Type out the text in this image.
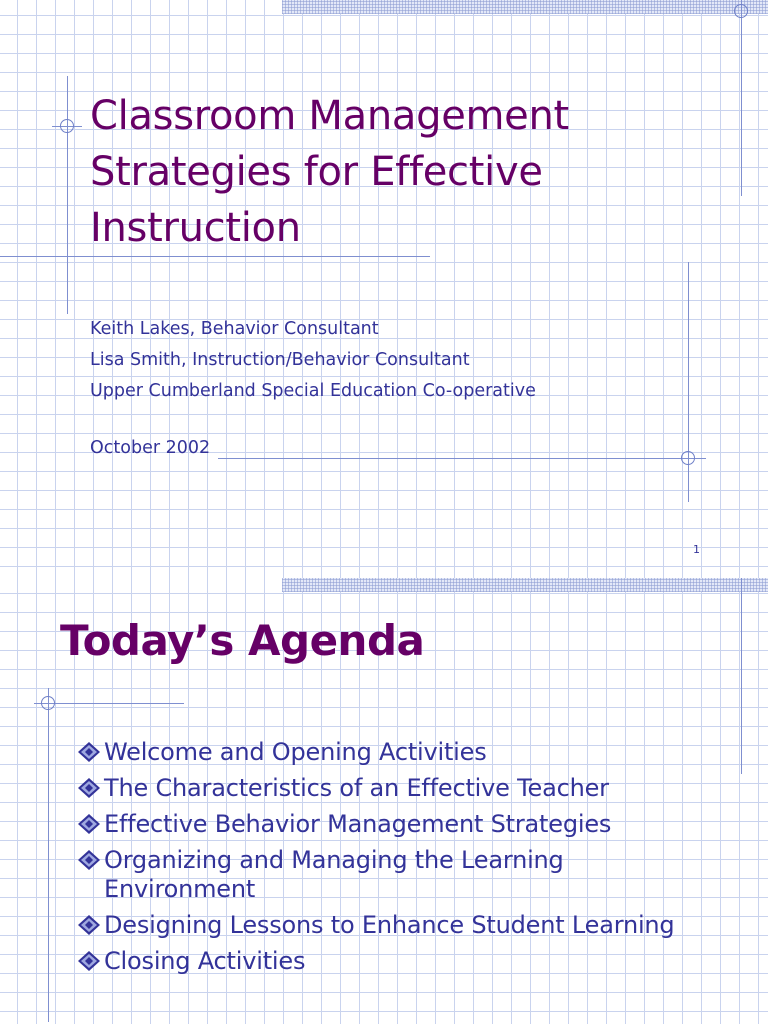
Classroom Management
Strategies for Effective
Instruction
Keith Lakes, Behavior Consultant
Lisa Smith, Instruction/Behavior Consultant
Upper Cumberland Special Education Co-operative

October 2002

1
Today’s Agenda
Welcome and Opening Activities
The Characteristics of an Effective Teacher
Effective Behavior Management Strategies
Organizing and Managing the Learning Environment
Designing Lessons to Enhance Student Learning
Closing Activities
